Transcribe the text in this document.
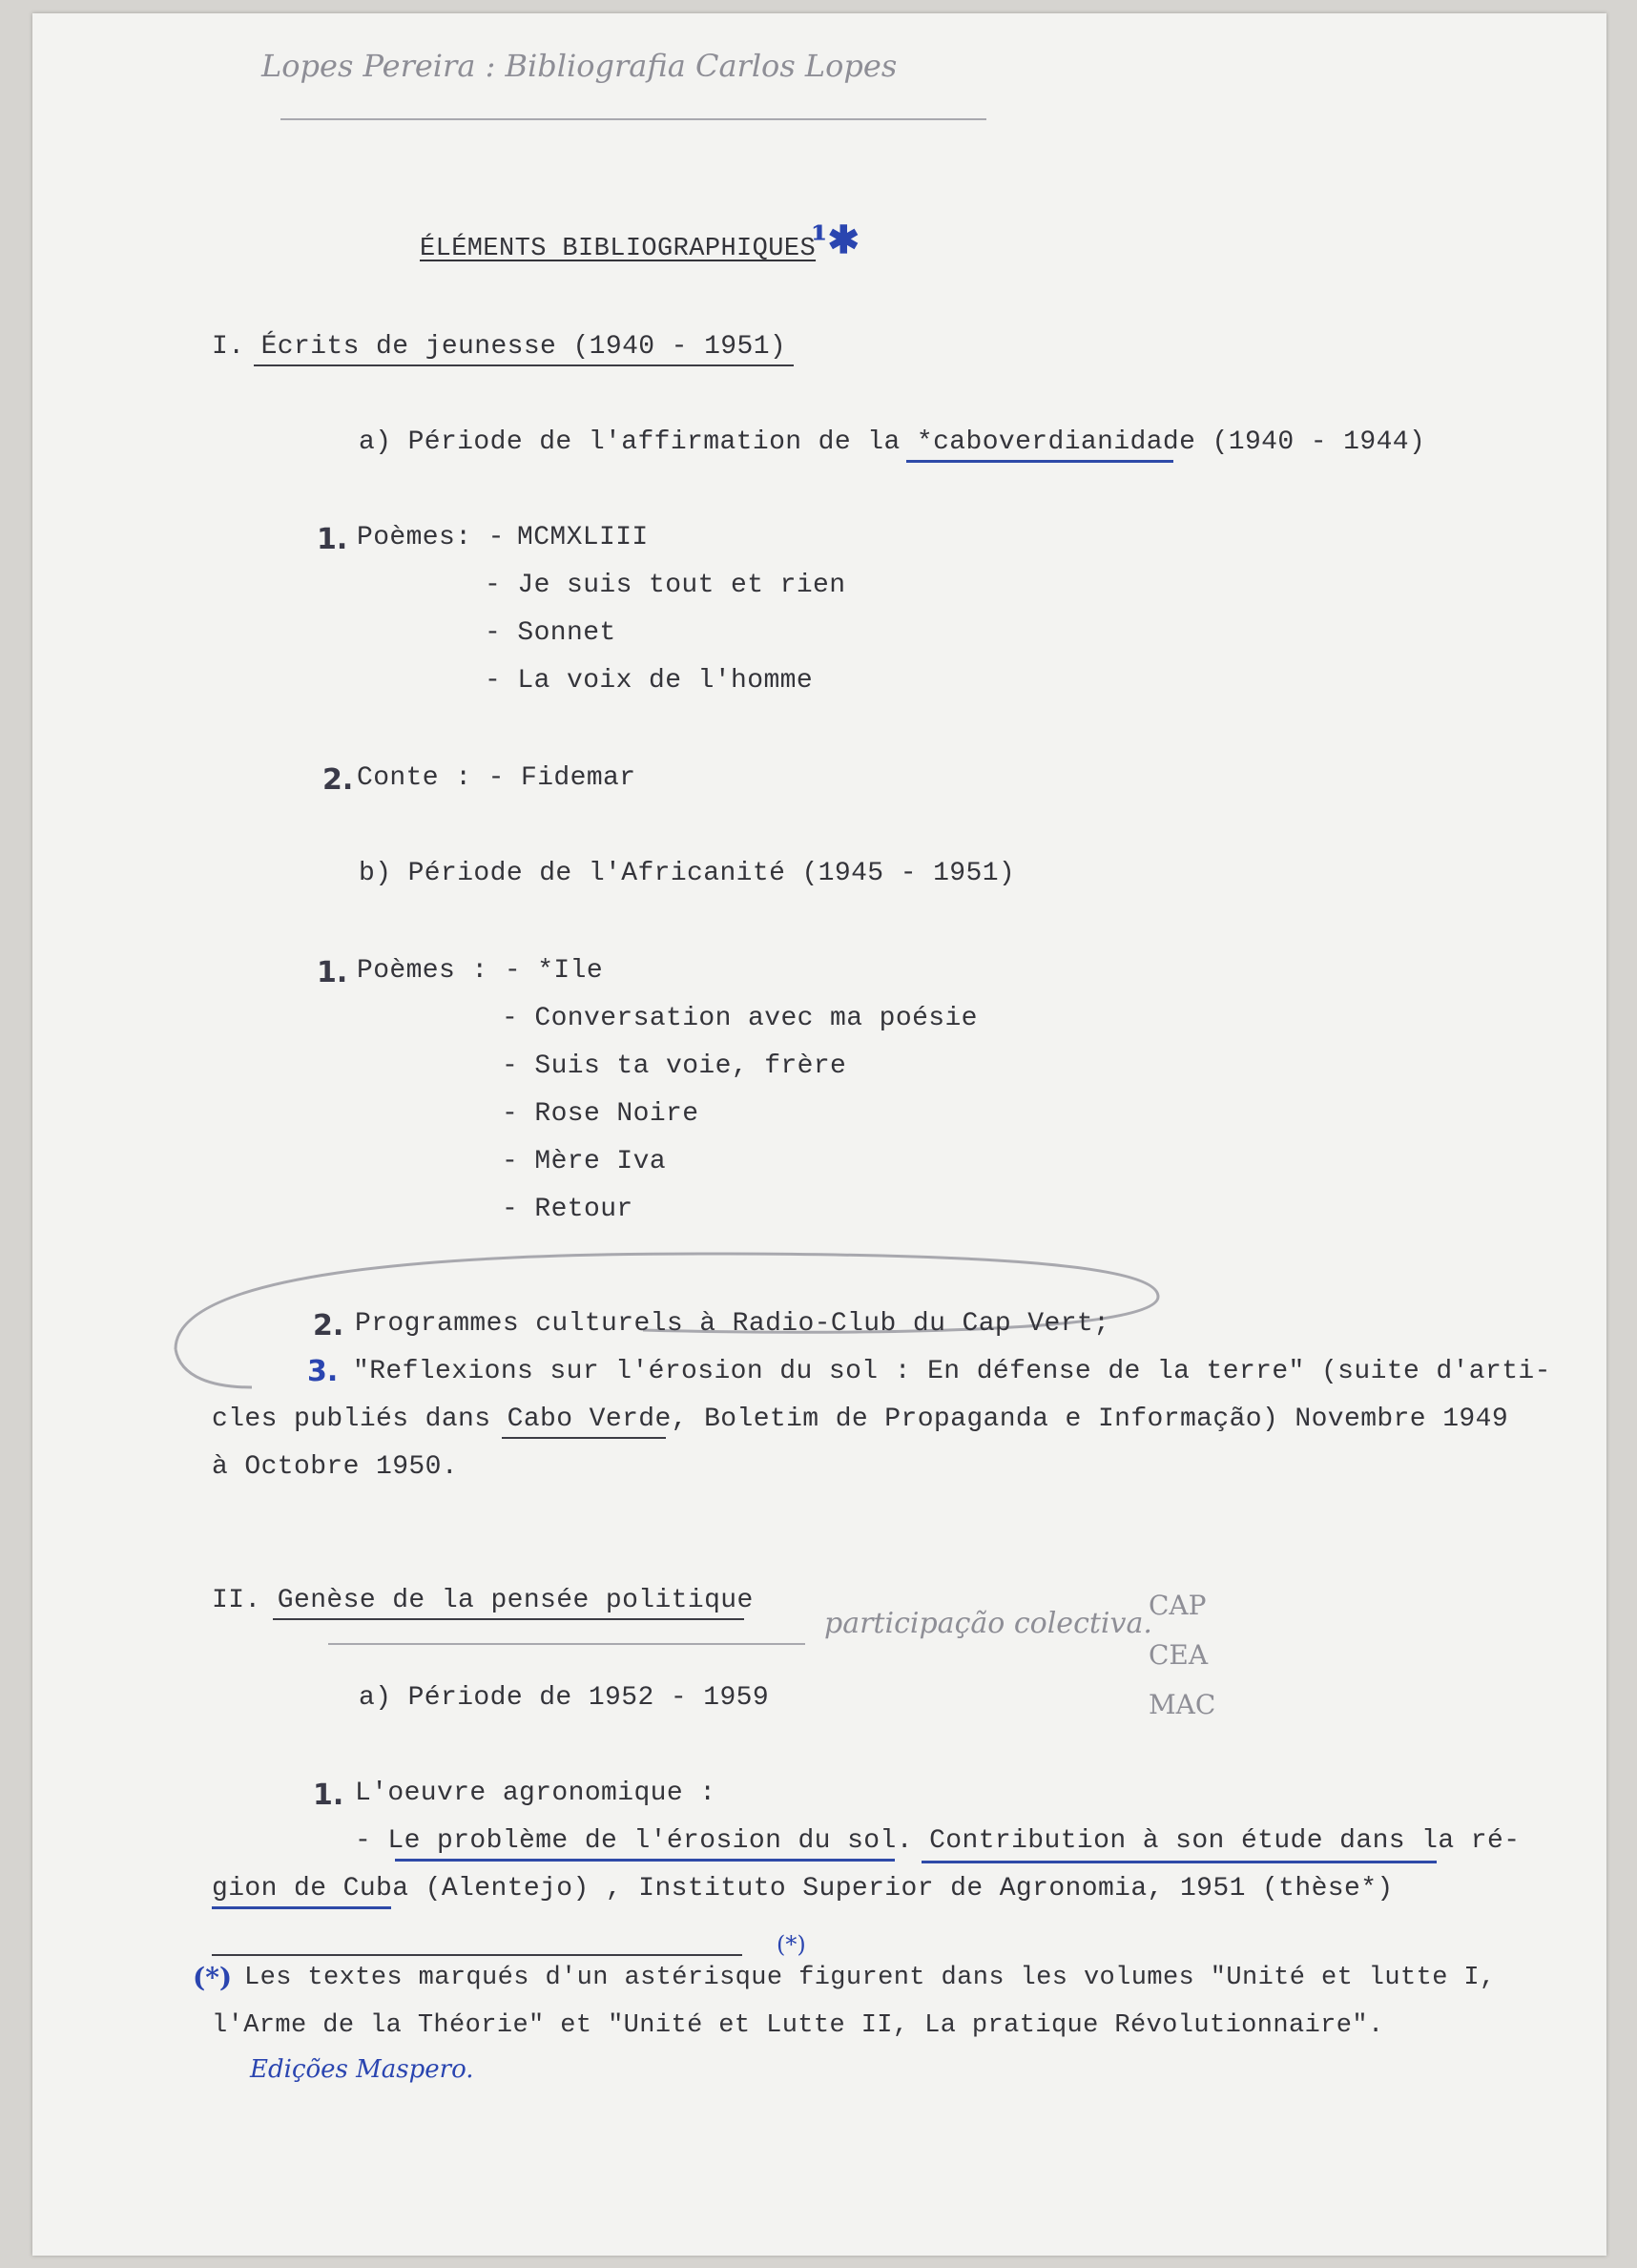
Lopes Pereira : Bibliografia Carlos Lopes
ÉLÉMENTS BIBLIOGRAPHIQUES
¹✱
I. Écrits de jeunesse (1940 - 1951)
a) Période de l'affirmation de la *caboverdianidade (1940 - 1944)
1. Poèmes: - MCMXLIII
- Je suis tout et rien
- Sonnet
- La voix de l'homme
2. Conte : - Fidemar
b) Période de l'Africanité (1945 - 1951)
1. Poèmes : - *Ile
- Conversation avec ma poésie
- Suis ta voie, frère
- Rose Noire
- Mère Iva
- Retour
2. Programmes culturels à Radio-Club du Cap Vert;
3. "Reflexions sur l'érosion du sol : En défense de la terre" (suite d'arti-
cles publiés dans Cabo Verde, Boletim de Propaganda e Informação) Novembre 1949
à Octobre 1950.
II. Genèse de la pensée politique
participação colectiva.
CAP
CEA
MAC
a) Période de 1952 - 1959
1. L'oeuvre agronomique :
- Le problème de l'érosion du sol. Contribution à son étude dans la ré-
gion de Cuba (Alentejo) , Instituto Superior de Agronomia, 1951 (thèse*)
(*)
(*)
Les textes marqués d'un astérisque figurent dans les volumes "Unité et lutte I,
l'Arme de la Théorie" et "Unité et Lutte II, La pratique Révolutionnaire".
Edições Maspero.
